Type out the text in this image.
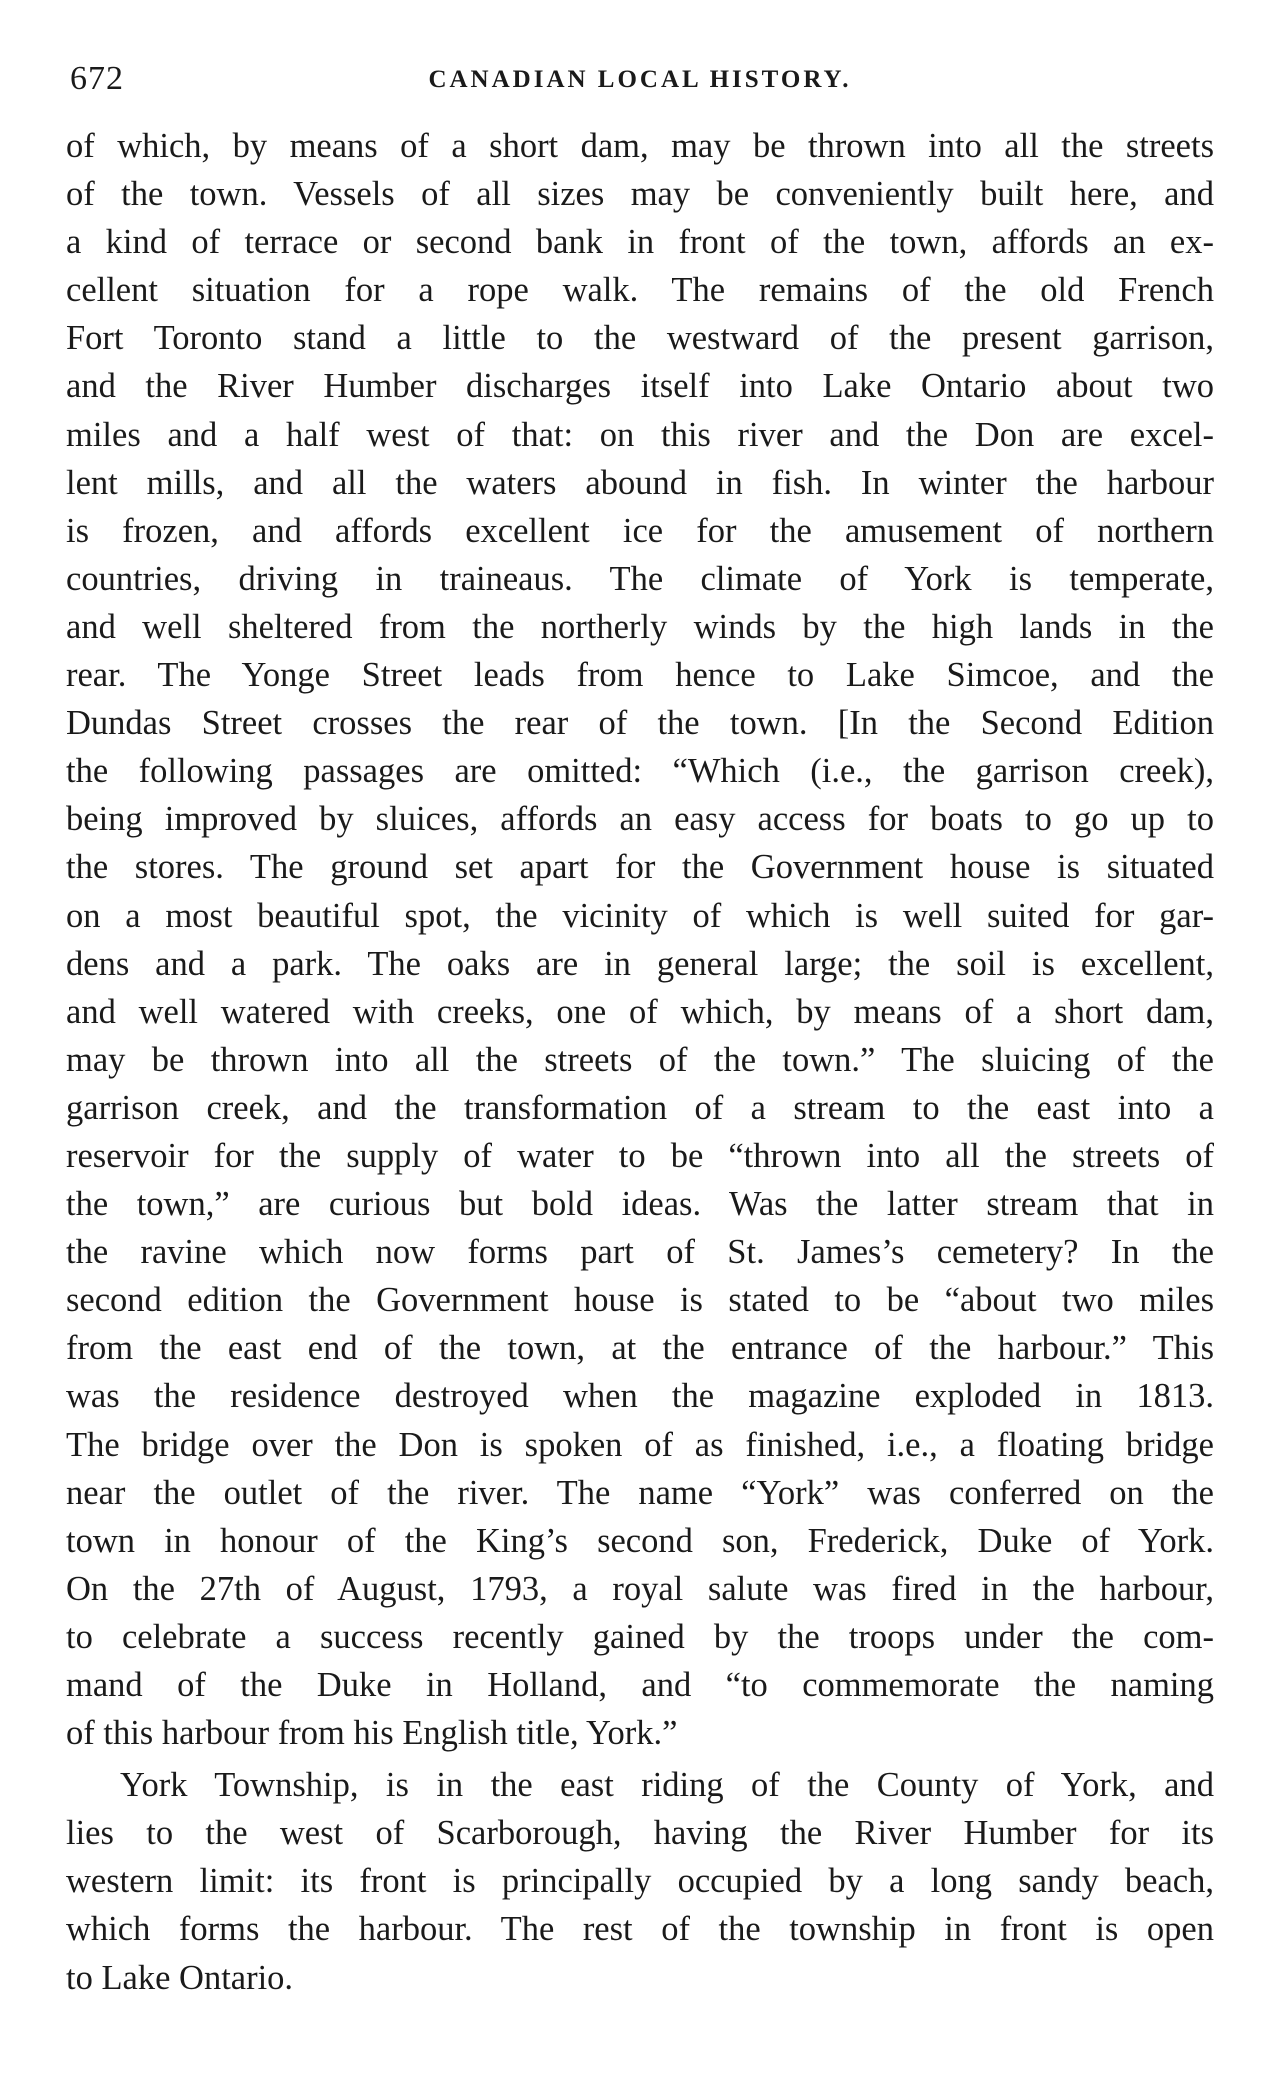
672	CANADIAN LOCAL HISTORY.
of which, by means of a short dam, may be thrown into all the streets
of the town. Vessels of all sizes may be conveniently built here, and
a kind of terrace or second bank in front of the town, affords an ex-
cellent situation for a rope walk. The remains of the old French
Fort Toronto stand a little to the westward of the present garrison,
and the River Humber discharges itself into Lake Ontario about two
miles and a half west of that: on this river and the Don are excel-
lent mills, and all the waters abound in fish. In winter the harbour
is frozen, and affords excellent ice for the amusement of northern
countries, driving in traineaus. The climate of York is temperate,
and well sheltered from the northerly winds by the high lands in the
rear. The Yonge Street leads from hence to Lake Simcoe, and the
Dundas Street crosses the rear of the town. [In the Second Edition
the following passages are omitted: “Which (i.e., the garrison creek),
being improved by sluices, affords an easy access for boats to go up to
the stores. The ground set apart for the Government house is situated
on a most beautiful spot, the vicinity of which is well suited for gar-
dens and a park. The oaks are in general large; the soil is excellent,
and well watered with creeks, one of which, by means of a short dam,
may be thrown into all the streets of the town.” The sluicing of the
garrison creek, and the transformation of a stream to the east into a
reservoir for the supply of water to be “thrown into all the streets of
the town,” are curious but bold ideas. Was the latter stream that in
the ravine which now forms part of St. James’s cemetery? In the
second edition the Government house is stated to be “about two miles
from the east end of the town, at the entrance of the harbour.” This
was the residence destroyed when the magazine exploded in 1813.
The bridge over the Don is spoken of as finished, i.e., a floating bridge
near the outlet of the river. The name “York” was conferred on the
town in honour of the King’s second son, Frederick, Duke of York.
On the 27th of August, 1793, a royal salute was fired in the harbour,
to celebrate a success recently gained by the troops under the com-
mand of the Duke in Holland, and “to commemorate the naming
of this harbour from his English title, York.”
York Township, is in the east riding of the County of York, and
lies to the west of Scarborough, having the River Humber for its
western limit: its front is principally occupied by a long sandy beach,
which forms the harbour. The rest of the township in front is open
to Lake Ontario.
